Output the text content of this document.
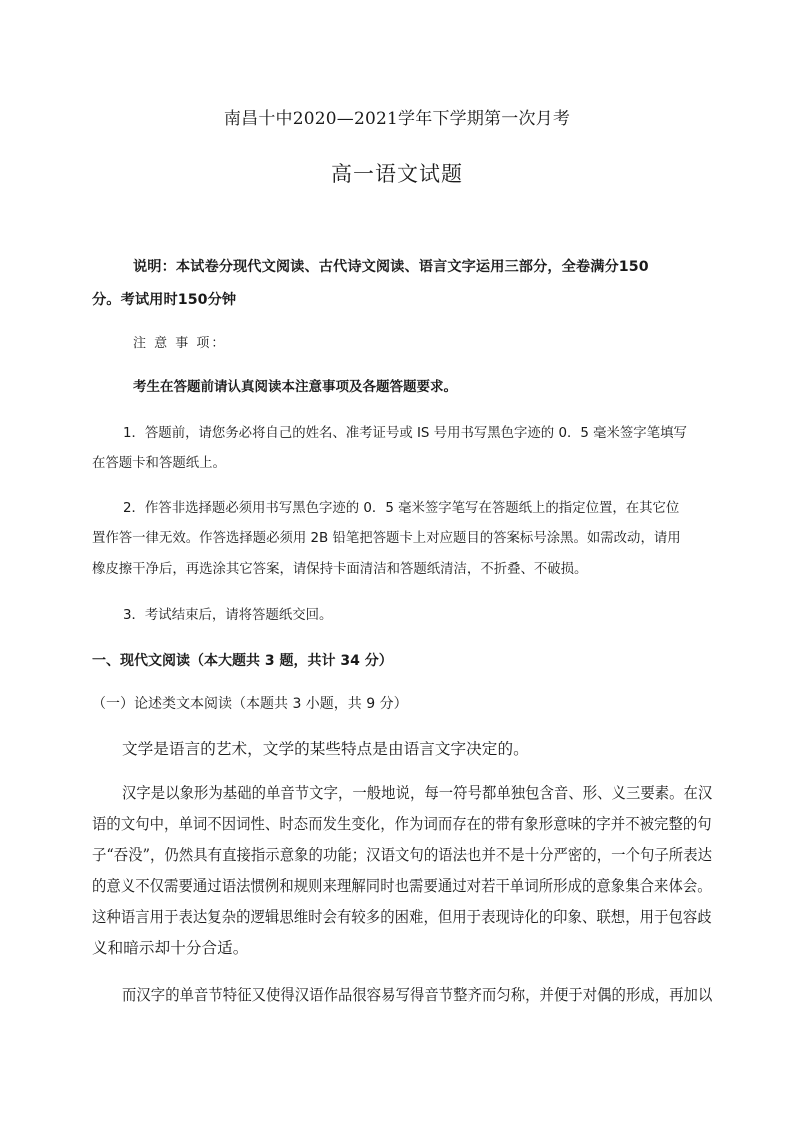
南昌十中2020—2021学年下学期第一次月考
高一语文试题

说明：本试卷分现代文阅读、古代诗文阅读、语言文字运用三部分，全卷满分150

分。考试用时150分钟

注 意 事 项：

考生在答题前请认真阅读本注意事项及各题答题要求。

1．答题前，请您务必将自己的姓名、准考证号或 IS 号用书写黑色字迹的 0．5 毫米签字笔填写

在答题卡和答题纸上。

2．作答非选择题必须用书写黑色字迹的 0．5 毫米签字笔写在答题纸上的指定位置，在其它位

置作答一律无效。作答选择题必须用 2B 铅笔把答题卡上对应题目的答案标号涂黑。如需改动，请用

橡皮擦干净后，再选涂其它答案，请保持卡面清洁和答题纸清洁，不折叠、不破损。

3．考试结束后，请将答题纸交回。

一、现代文阅读（本大题共 3 题，共计 34 分）

（一）论述类文本阅读（本题共 3 小题，共 9 分）

文学是语言的艺术，文学的某些特点是由语言文字决定的。

汉字是以象形为基础的单音节文字，一般地说，每一符号都单独包含音、形、义三要素。在汉

语的文句中，单词不因词性、时态而发生变化，作为词而存在的带有象形意味的字并不被完整的句

子“吞没”，仍然具有直接指示意象的功能；汉语文句的语法也并不是十分严密的，一个句子所表达

的意义不仅需要通过语法惯例和规则来理解同时也需要通过对若干单词所形成的意象集合来体会。

这种语言用于表达复杂的逻辑思维时会有较多的困难，但用于表现诗化的印象、联想，用于包容歧

义和暗示却十分合适。

而汉字的单音节特征又使得汉语作品很容易写得音节整齐而匀称，并便于对偶的形成，再加以
